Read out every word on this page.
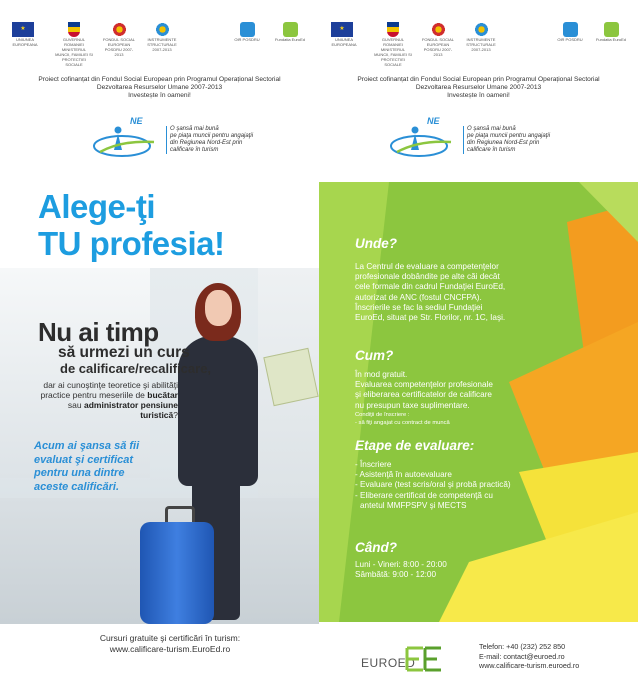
★
UNIUNEA EUROPEANA
GUVERNUL ROMANIEI MINISTERUL MUNCII, FAMILIEI SI PROTECTIEI SOCIALE
FONDUL SOCIAL EUROPEAN POSDRU 2007-2013
INSTRUMENTE STRUCTURALE 2007-2013
OIR POSDRU	Fundatia EuroEd
Proiect cofinanțat din Fondul Social European prin Programul Operațional Sectorial
Dezvoltarea Resurselor Umane 2007-2013
Investește în oameni!
NE
O şansă mai bună
pe piaţa muncii pentru angajaţii
din Regiunea Nord-Est prin
calificare în turism
Alege-ţi
TU profesia!
Nu ai timp
să urmezi un curs
de calificare/recalificare,
dar ai cunoştinţe teoretice şi abilităţi practice pentru meseriile de bucătar sau administrator pensiune turistică?
Acum ai şansa să fii
evaluat şi certificat
pentru una dintre
aceste calificări.
Cursuri gratuite şi certificări în turism:
www.calificare-turism.EuroEd.ro
★
UNIUNEA EUROPEANA
GUVERNUL ROMANIEI MINISTERUL MUNCII, FAMILIEI SI PROTECTIEI SOCIALE
FONDUL SOCIAL EUROPEAN POSDRU 2007-2013
INSTRUMENTE STRUCTURALE 2007-2013
OIR POSDRU	Fundatia EuroEd
Proiect cofinanțat din Fondul Social European prin Programul Operațional Sectorial
Dezvoltarea Resurselor Umane 2007-2013
Investește în oameni!
NE
O şansă mai bună
pe piaţa muncii pentru angajaţii
din Regiunea Nord-Est prin
calificare în turism
Unde?
La Centrul de evaluare a competenţelor
profesionale dobândite pe alte căi decât
cele formale din cadrul Fundaţiei EuroEd,
autorizat de ANC (fostul CNCFPA).
Înscrierile se fac la sediul Fundaţiei
EuroEd, situat pe Str. Florilor, nr. 1C, Iaşi.
Cum?
În mod gratuit.
Evaluarea competenţelor profesionale
şi eliberarea certificatelor de calificare
nu presupun taxe suplimentare.
Condiţii de înscriere :
- să fiţi angajat cu contract de muncă
Etape de evaluare:
- Înscriere
- Asistenţă în autoevaluare
- Evaluare (test scris/oral şi probă practică)
- Eliberare certificat de competenţă cu
antetul MMFPSPV şi MECTS
Când?
Luni - Vineri: 8:00 - 20:00
Sâmbătă: 9:00 - 12:00
EUROED
Telefon: +40 (232) 252 850
E-mail: contact@euroed.ro
www.calificare-turism.euroed.ro
